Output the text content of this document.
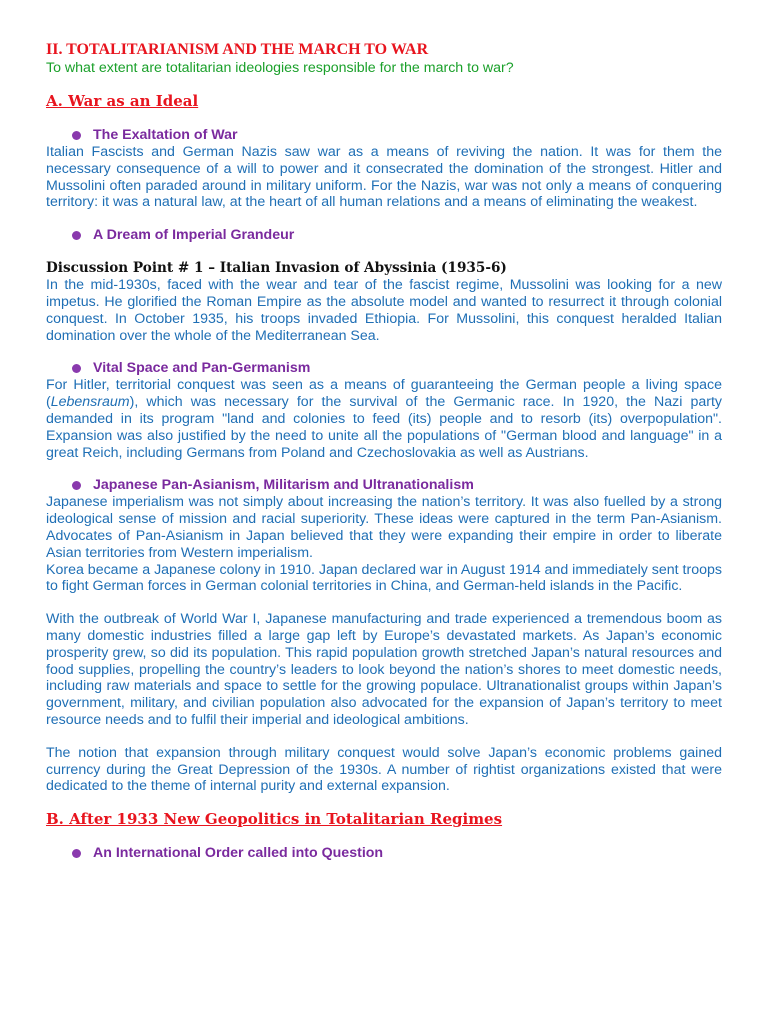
II. TOTALITARIANISM AND THE MARCH TO WAR

To what extent are totalitarian ideologies responsible for the march to war?

A. War as an Ideal

The Exaltation of War

Italian Fascists and German Nazis saw war as a means of reviving the nation. It was for them the necessary consequence of a will to power and it consecrated the domination of the strongest. Hitler and Mussolini often paraded around in military uniform. For the Nazis, war was not only a means of conquering territory: it was a natural law, at the heart of all human relations and a means of eliminating the weakest.

A Dream of Imperial Grandeur

Discussion Point # 1 – Italian Invasion of Abyssinia (1935-6)

In the mid-1930s, faced with the wear and tear of the fascist regime, Mussolini was looking for a new impetus. He glorified the Roman Empire as the absolute model and wanted to resurrect it through colonial conquest. In October 1935, his troops invaded Ethiopia. For Mussolini, this conquest heralded Italian domination over the whole of the Mediterranean Sea.

Vital Space and Pan-Germanism

For Hitler, territorial conquest was seen as a means of guaranteeing the German people a living space (Lebensraum), which was necessary for the survival of the Germanic race. In 1920, the Nazi party demanded in its program "land and colonies to feed (its) people and to resorb (its) overpopulation". Expansion was also justified by the need to unite all the populations of "German blood and language" in a great Reich, including Germans from Poland and Czechoslovakia as well as Austrians.

Japanese Pan-Asianism, Militarism and Ultranationalism

Japanese imperialism was not simply about increasing the nation’s territory. It was also fuelled by a strong ideological sense of mission and racial superiority. These ideas were captured in the term Pan-Asianism. Advocates of Pan-Asianism in Japan believed that they were expanding their empire in order to liberate Asian territories from Western imperialism.

Korea became a Japanese colony in 1910. Japan declared war in August 1914 and immediately sent troops to fight German forces in German colonial territories in China, and German-held islands in the Pacific.

With the outbreak of World War I, Japanese manufacturing and trade experienced a tremendous boom as many domestic industries filled a large gap left by Europe’s devastated markets. As Japan’s economic prosperity grew, so did its population. This rapid population growth stretched Japan’s natural resources and food supplies, propelling the country’s leaders to look beyond the nation’s shores to meet domestic needs, including raw materials and space to settle for the growing populace. Ultranationalist groups within Japan’s government, military, and civilian population also advocated for the expansion of Japan’s territory to meet resource needs and to fulfil their imperial and ideological ambitions.

The notion that expansion through military conquest would solve Japan’s economic problems gained currency during the Great Depression of the 1930s. A number of rightist organizations existed that were dedicated to the theme of internal purity and external expansion.

B. After 1933 New Geopolitics in Totalitarian Regimes

An International Order called into Question
